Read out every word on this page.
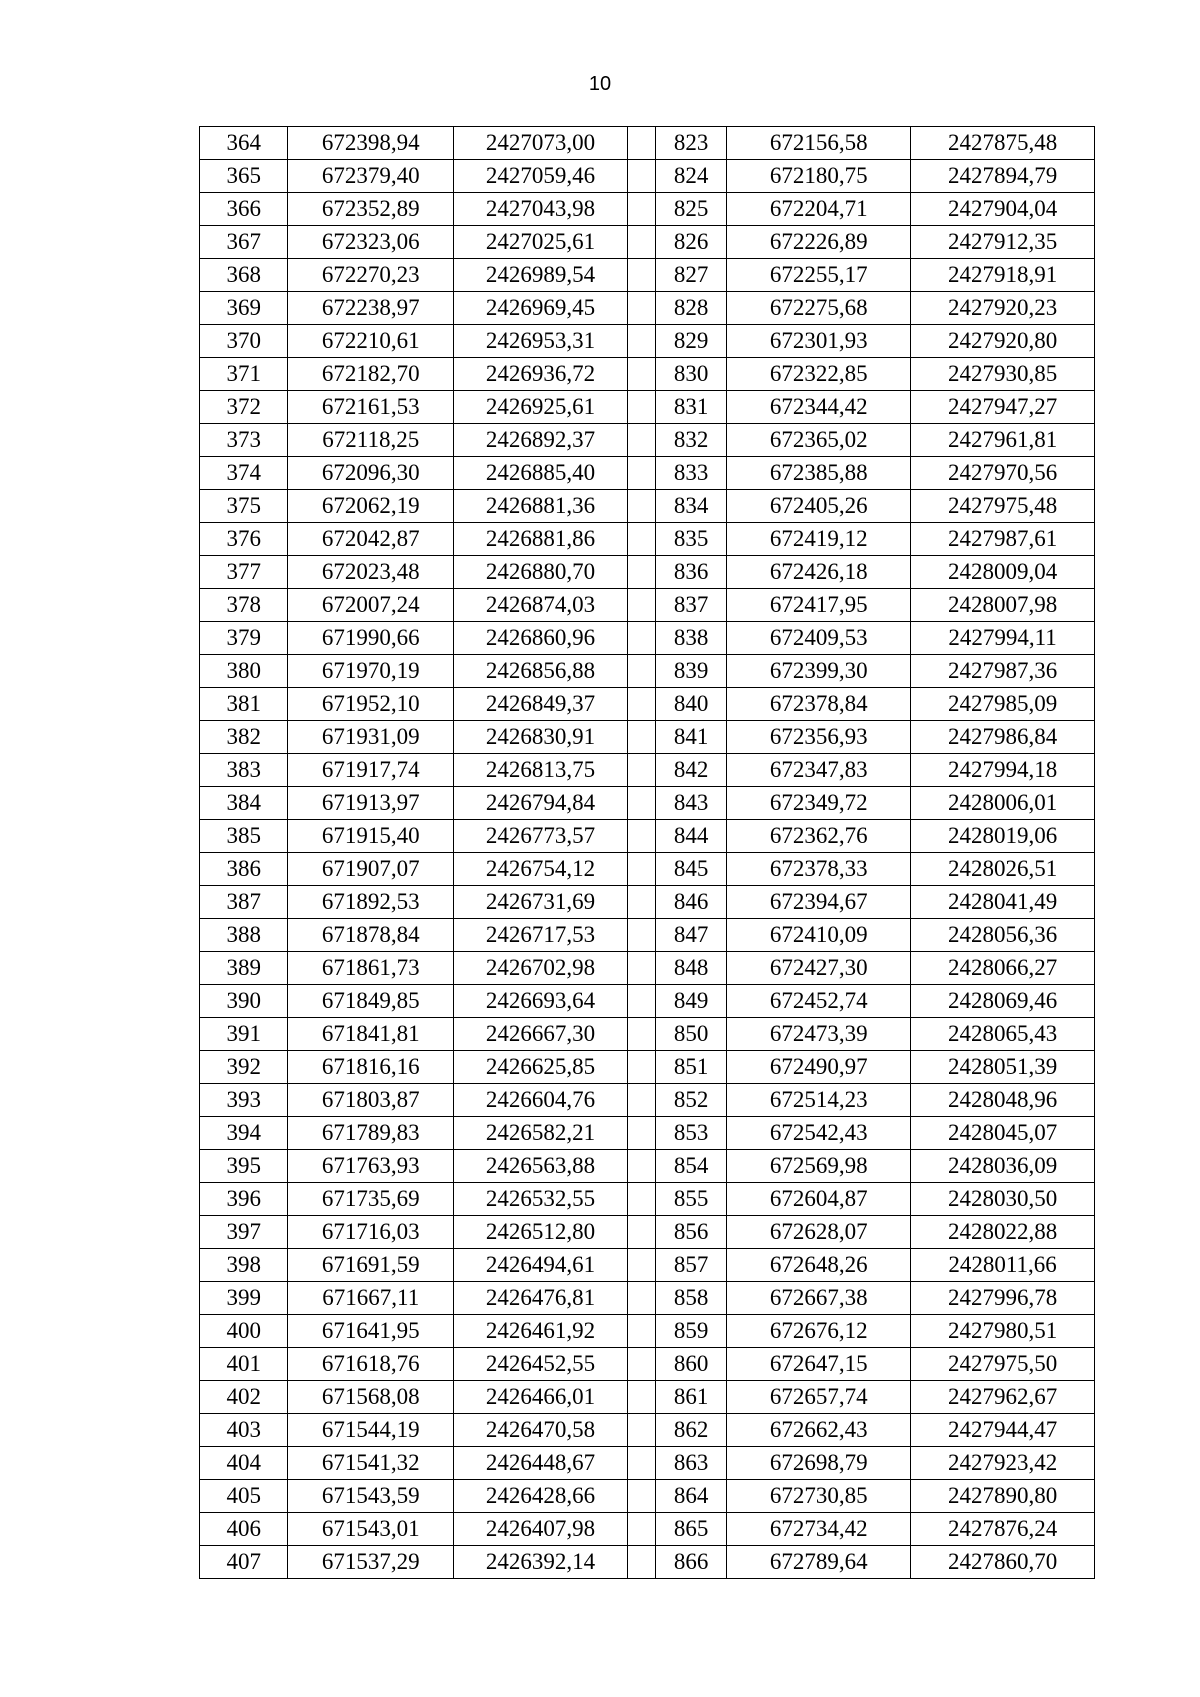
10
364	672398,94	2427073,00		823	672156,58	2427875,48
365	672379,40	2427059,46		824	672180,75	2427894,79
366	672352,89	2427043,98		825	672204,71	2427904,04
367	672323,06	2427025,61		826	672226,89	2427912,35
368	672270,23	2426989,54		827	672255,17	2427918,91
369	672238,97	2426969,45		828	672275,68	2427920,23
370	672210,61	2426953,31		829	672301,93	2427920,80
371	672182,70	2426936,72		830	672322,85	2427930,85
372	672161,53	2426925,61		831	672344,42	2427947,27
373	672118,25	2426892,37		832	672365,02	2427961,81
374	672096,30	2426885,40		833	672385,88	2427970,56
375	672062,19	2426881,36		834	672405,26	2427975,48
376	672042,87	2426881,86		835	672419,12	2427987,61
377	672023,48	2426880,70		836	672426,18	2428009,04
378	672007,24	2426874,03		837	672417,95	2428007,98
379	671990,66	2426860,96		838	672409,53	2427994,11
380	671970,19	2426856,88		839	672399,30	2427987,36
381	671952,10	2426849,37		840	672378,84	2427985,09
382	671931,09	2426830,91		841	672356,93	2427986,84
383	671917,74	2426813,75		842	672347,83	2427994,18
384	671913,97	2426794,84		843	672349,72	2428006,01
385	671915,40	2426773,57		844	672362,76	2428019,06
386	671907,07	2426754,12		845	672378,33	2428026,51
387	671892,53	2426731,69		846	672394,67	2428041,49
388	671878,84	2426717,53		847	672410,09	2428056,36
389	671861,73	2426702,98		848	672427,30	2428066,27
390	671849,85	2426693,64		849	672452,74	2428069,46
391	671841,81	2426667,30		850	672473,39	2428065,43
392	671816,16	2426625,85		851	672490,97	2428051,39
393	671803,87	2426604,76		852	672514,23	2428048,96
394	671789,83	2426582,21		853	672542,43	2428045,07
395	671763,93	2426563,88		854	672569,98	2428036,09
396	671735,69	2426532,55		855	672604,87	2428030,50
397	671716,03	2426512,80		856	672628,07	2428022,88
398	671691,59	2426494,61		857	672648,26	2428011,66
399	671667,11	2426476,81		858	672667,38	2427996,78
400	671641,95	2426461,92		859	672676,12	2427980,51
401	671618,76	2426452,55		860	672647,15	2427975,50
402	671568,08	2426466,01		861	672657,74	2427962,67
403	671544,19	2426470,58		862	672662,43	2427944,47
404	671541,32	2426448,67		863	672698,79	2427923,42
405	671543,59	2426428,66		864	672730,85	2427890,80
406	671543,01	2426407,98		865	672734,42	2427876,24
407	671537,29	2426392,14		866	672789,64	2427860,70
